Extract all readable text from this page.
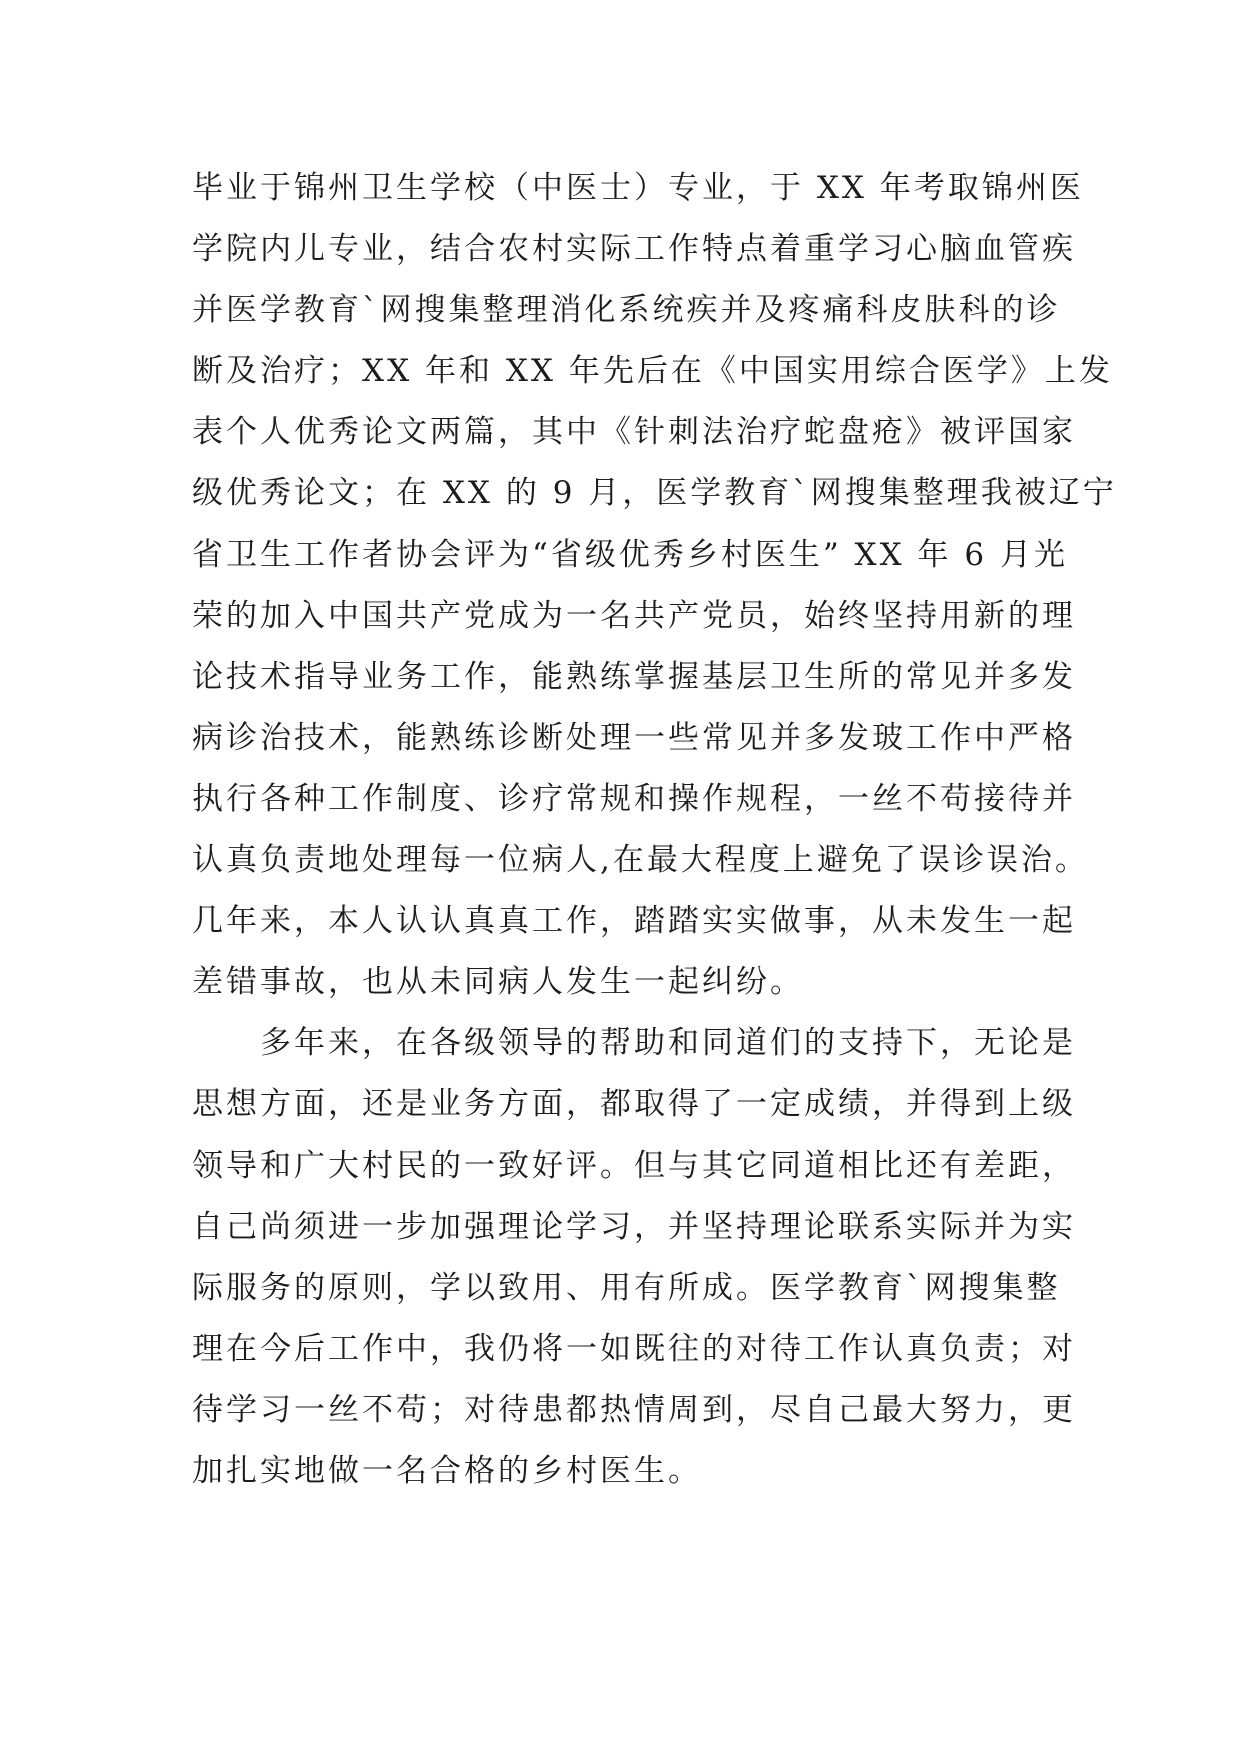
毕业于锦州卫生学校（中医士）专业，于 XX 年考取锦州医
学院内儿专业，结合农村实际工作特点着重学习心脑血管疾
并医学教育`网搜集整理消化系统疾并及疼痛科皮肤科的诊
断及治疗；XX 年和 XX 年先后在《中国实用综合医学》上发
表个人优秀论文两篇，其中《针刺法治疗蛇盘疮》被评国家
级优秀论文；在 XX 的 9 月，医学教育`网搜集整理我被辽宁
省卫生工作者协会评为“省级优秀乡村医生” XX 年 6 月光
荣的加入中国共产党成为一名共产党员，始终坚持用新的理
论技术指导业务工作，能熟练掌握基层卫生所的常见并多发
病诊治技术，能熟练诊断处理一些常见并多发玻工作中严格
执行各种工作制度、诊疗常规和操作规程，一丝不苟接待并
认真负责地处理每一位病人,在最大程度上避免了误诊误治。
几年来，本人认认真真工作，踏踏实实做事，从未发生一起
差错事故，也从未同病人发生一起纠纷。
多年来，在各级领导的帮助和同道们的支持下，无论是
思想方面，还是业务方面，都取得了一定成绩，并得到上级
领导和广大村民的一致好评。但与其它同道相比还有差距，
自己尚须进一步加强理论学习，并坚持理论联系实际并为实
际服务的原则，学以致用、用有所成。医学教育`网搜集整
理在今后工作中，我仍将一如既往的对待工作认真负责；对
待学习一丝不苟；对待患都热情周到，尽自己最大努力，更
加扎实地做一名合格的乡村医生。
